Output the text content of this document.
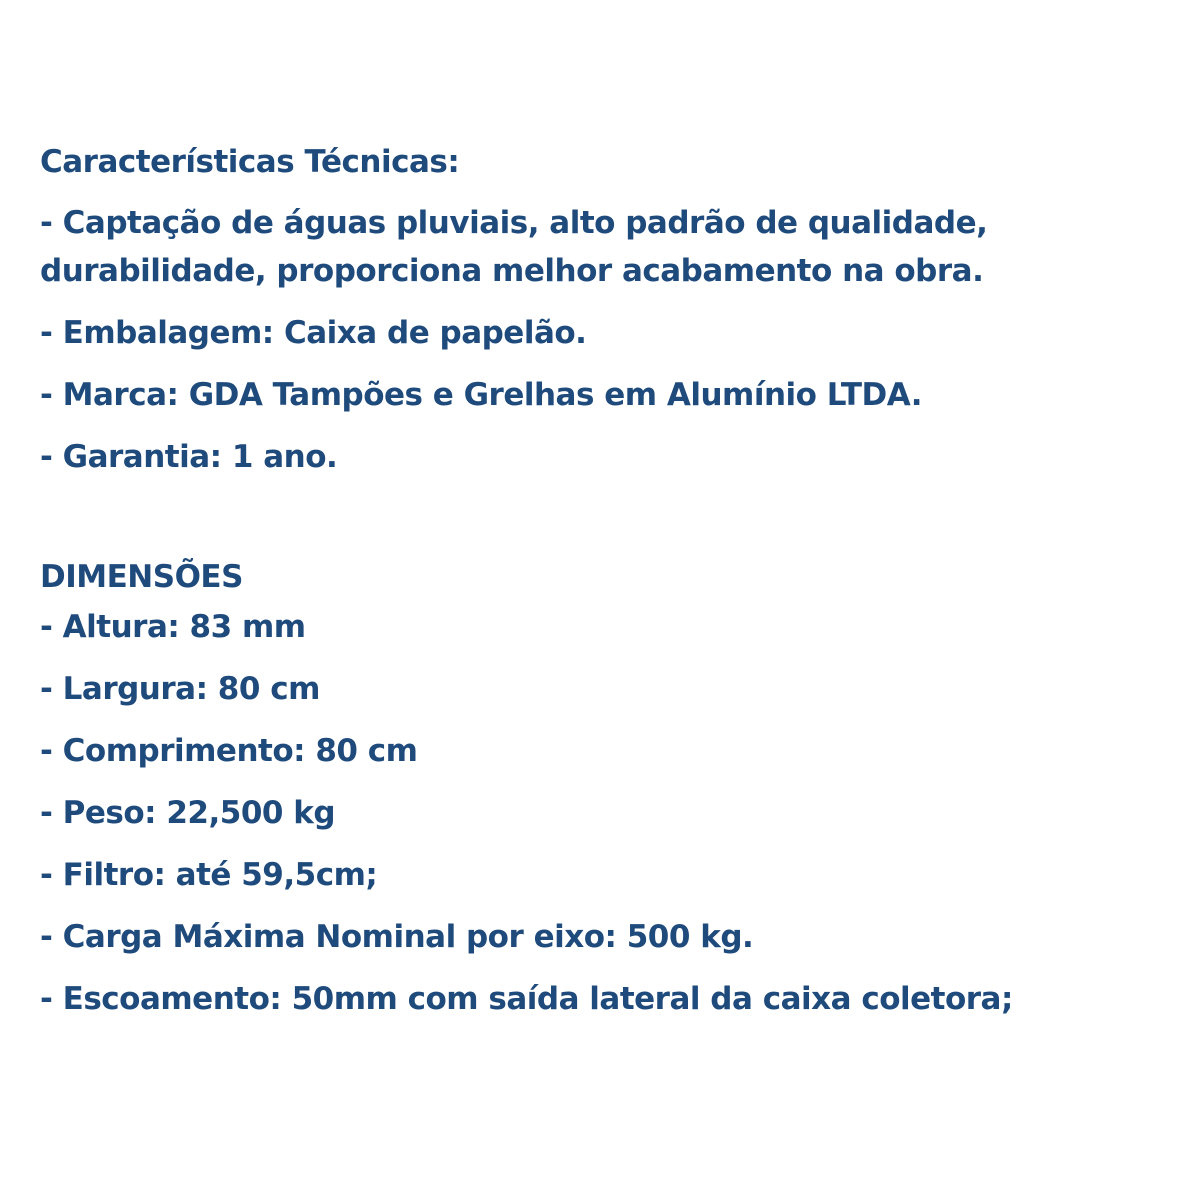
Características Técnicas:

- Captação de águas pluviais, alto padrão de qualidade, durabilidade, proporciona melhor acabamento na obra.

- Embalagem: Caixa de papelão.

- Marca: GDA Tampões e Grelhas em Alumínio LTDA.

- Garantia: 1 ano.

DIMENSÕES

- Altura: 83 mm

- Largura: 80 cm

- Comprimento: 80 cm

- Peso: 22,500 kg

- Filtro: até 59,5cm;

- Carga Máxima Nominal por eixo: 500 kg.

- Escoamento: 50mm com saída lateral da caixa coletora;
